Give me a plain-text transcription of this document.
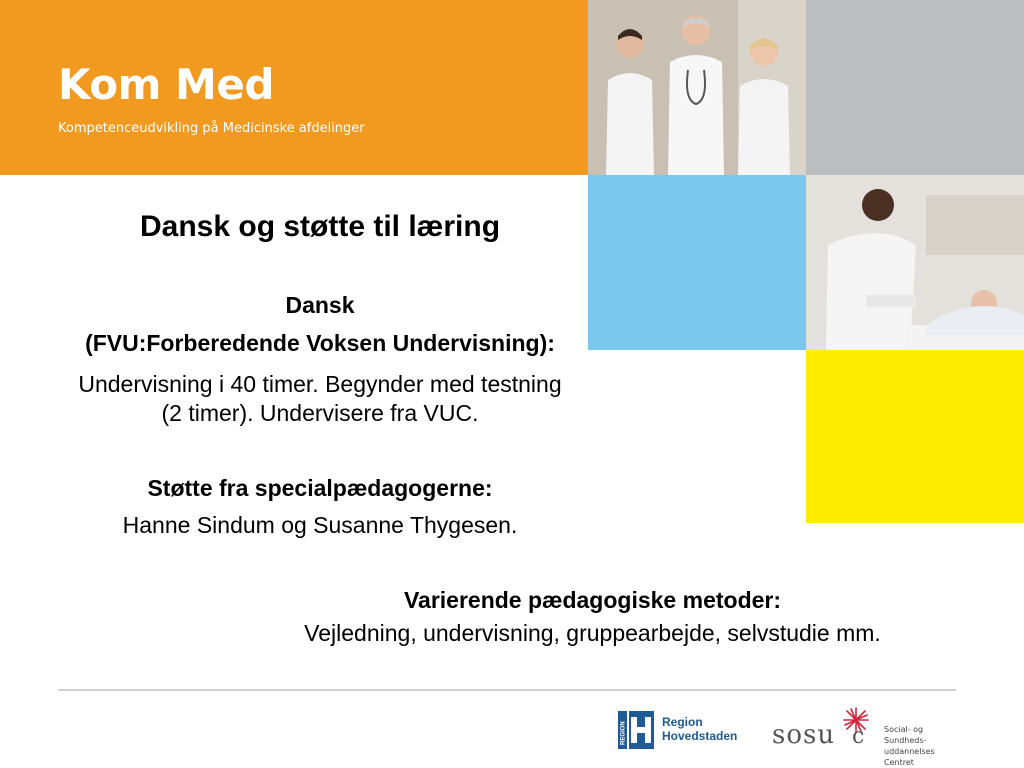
Kom Med
Kompetenceudvikling på Medicinske afdelinger
Dansk og støtte til læring
Dansk
(FVU:Forberedende Voksen Undervisning):
Undervisning i 40 timer. Begynder med testning
(2 timer). Undervisere fra VUC.
Støtte fra specialpædagogerne:
Hanne Sindum og Susanne Thygesen.
Varierende pædagogiske metoder:
Vejledning, undervisning, gruppearbejde, selvstudie mm.
REGION	Region
Hovedstaden sosu c Social- og Sundheds-
uddannelses Centret
